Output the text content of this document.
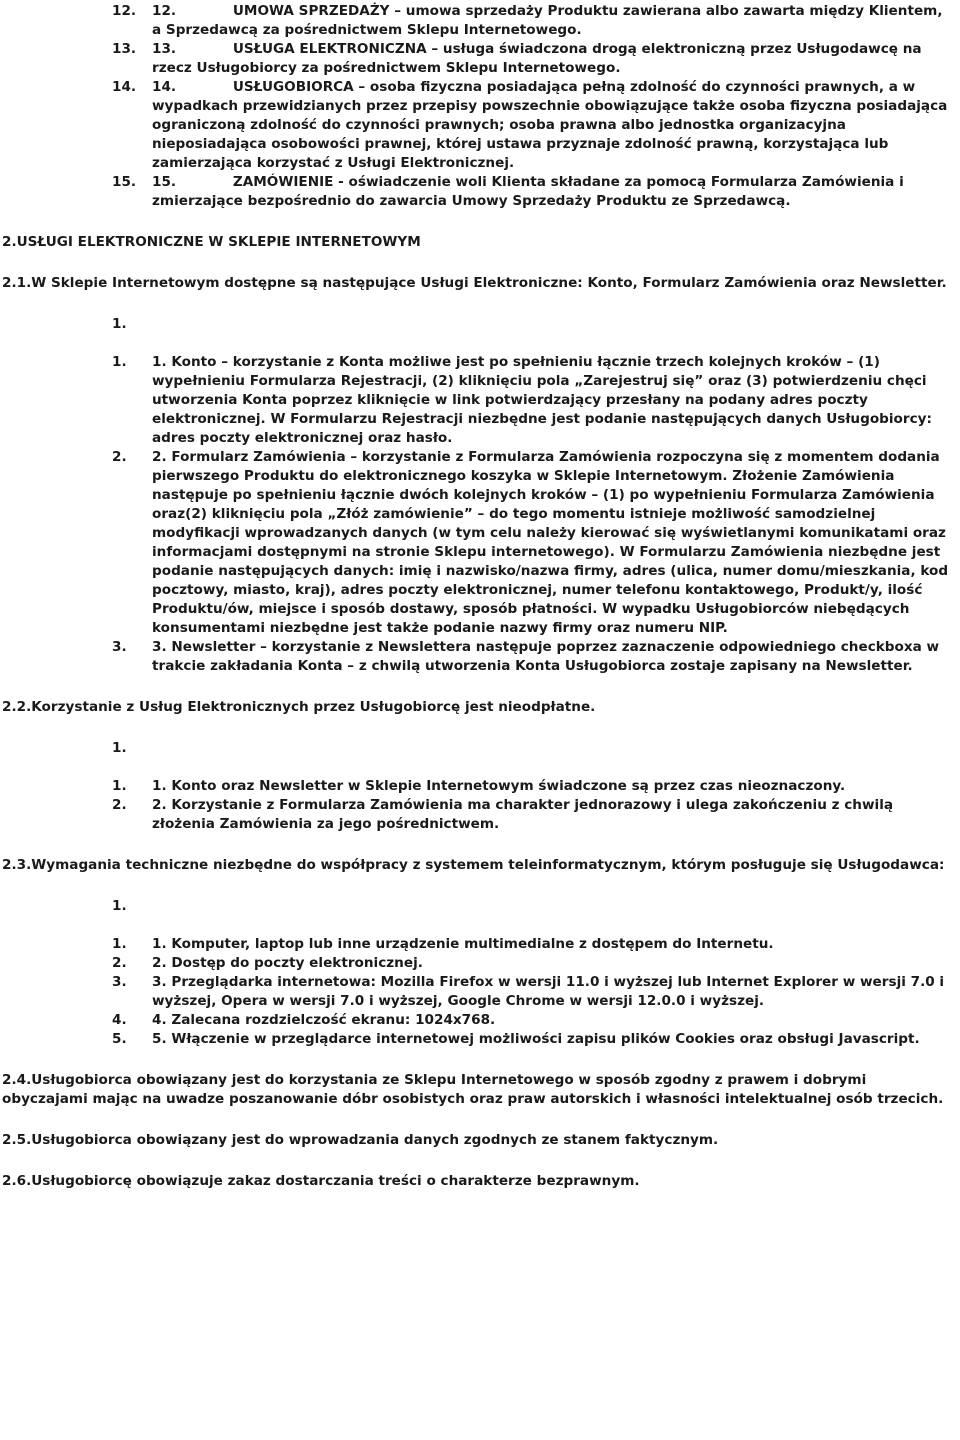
12. 12.	UMOWA SPRZEDAŻY – umowa sprzedaży Produktu zawierana albo zawarta między Klientem, a Sprzedawcą za pośrednictwem Sklepu Internetowego.
13. 13.	USŁUGA ELEKTRONICZNA – usługa świadczona drogą elektroniczną przez Usługodawcę na rzecz Usługobiorcy za pośrednictwem Sklepu Internetowego.
14. 14.	USŁUGOBIORCA – osoba fizyczna posiadająca pełną zdolność do czynności prawnych, a w wypadkach przewidzianych przez przepisy powszechnie obowiązujące także osoba fizyczna posiadająca ograniczoną zdolność do czynności prawnych; osoba prawna albo jednostka organizacyjna nieposiadająca osobowości prawnej, której ustawa przyznaje zdolność prawną, korzystająca lub zamierzająca korzystać z Usługi Elektronicznej.
15. 15.	ZAMÓWIENIE - oświadczenie woli Klienta składane za pomocą Formularza Zamówienia i zmierzające bezpośrednio do zawarcia Umowy Sprzedaży Produktu ze Sprzedawcą.
2.USŁUGI ELEKTRONICZNE W SKLEPIE INTERNETOWYM
2.1.W Sklepie Internetowym dostępne są następujące Usługi Elektroniczne: Konto, Formularz Zamówienia oraz Newsletter.
1.
1. 1. Konto – korzystanie z Konta możliwe jest po spełnieniu łącznie trzech kolejnych kroków – (1) wypełnieniu Formularza Rejestracji, (2) kliknięciu pola „Zarejestruj się” oraz (3) potwierdzeniu chęci utworzenia Konta poprzez kliknięcie w link potwierdzający przesłany na podany adres poczty elektronicznej. W Formularzu Rejestracji niezbędne jest podanie następujących danych Usługobiorcy: adres poczty elektronicznej oraz hasło.
2. 2. Formularz Zamówienia – korzystanie z Formularza Zamówienia rozpoczyna się z momentem dodania pierwszego Produktu do elektronicznego koszyka w Sklepie Internetowym. Złożenie Zamówienia następuje po spełnieniu łącznie dwóch kolejnych kroków – (1) po wypełnieniu Formularza Zamówienia oraz(2) kliknięciu pola „Złóż zamówienie” – do tego momentu istnieje możliwość samodzielnej modyfikacji wprowadzanych danych (w tym celu należy kierować się wyświetlanymi komunikatami oraz informacjami dostępnymi na stronie Sklepu internetowego). W Formularzu Zamówienia niezbędne jest podanie następujących danych: imię i nazwisko/nazwa firmy, adres (ulica, numer domu/mieszkania, kod pocztowy, miasto, kraj), adres poczty elektronicznej, numer telefonu kontaktowego, Produkt/y, ilość Produktu/ów, miejsce i sposób dostawy, sposób płatności. W wypadku Usługobiorców niebędących konsumentami niezbędne jest także podanie nazwy firmy oraz numeru NIP.
3. 3. Newsletter – korzystanie z Newslettera następuje poprzez zaznaczenie odpowiedniego checkboxa w trakcie zakładania Konta – z chwilą utworzenia Konta Usługobiorca zostaje zapisany na Newsletter.
2.2.Korzystanie z Usług Elektronicznych przez Usługobiorcę jest nieodpłatne.
1.
1. 1. Konto oraz Newsletter w Sklepie Internetowym świadczone są przez czas nieoznaczony.
2. 2. Korzystanie z Formularza Zamówienia ma charakter jednorazowy i ulega zakończeniu z chwilą złożenia Zamówienia za jego pośrednictwem.
2.3.Wymagania techniczne niezbędne do współpracy z systemem teleinformatycznym, którym posługuje się Usługodawca:
1.
1. 1. Komputer, laptop lub inne urządzenie multimedialne z dostępem do Internetu.
2. 2. Dostęp do poczty elektronicznej.
3. 3. Przeglądarka internetowa: Mozilla Firefox w wersji 11.0 i wyższej lub Internet Explorer w wersji 7.0 i wyższej, Opera w wersji 7.0 i wyższej, Google Chrome w wersji 12.0.0 i wyższej.
4. 4. Zalecana rozdzielczość ekranu: 1024x768.
5. 5. Włączenie w przeglądarce internetowej możliwości zapisu plików Cookies oraz obsługi Javascript.
2.4.Usługobiorca obowiązany jest do korzystania ze Sklepu Internetowego w sposób zgodny z prawem i dobrymi obyczajami mając na uwadze poszanowanie dóbr osobistych oraz praw autorskich i własności intelektualnej osób trzecich.
2.5.Usługobiorca obowiązany jest do wprowadzania danych zgodnych ze stanem faktycznym.
2.6.Usługobiorcę obowiązuje zakaz dostarczania treści o charakterze bezprawnym.
